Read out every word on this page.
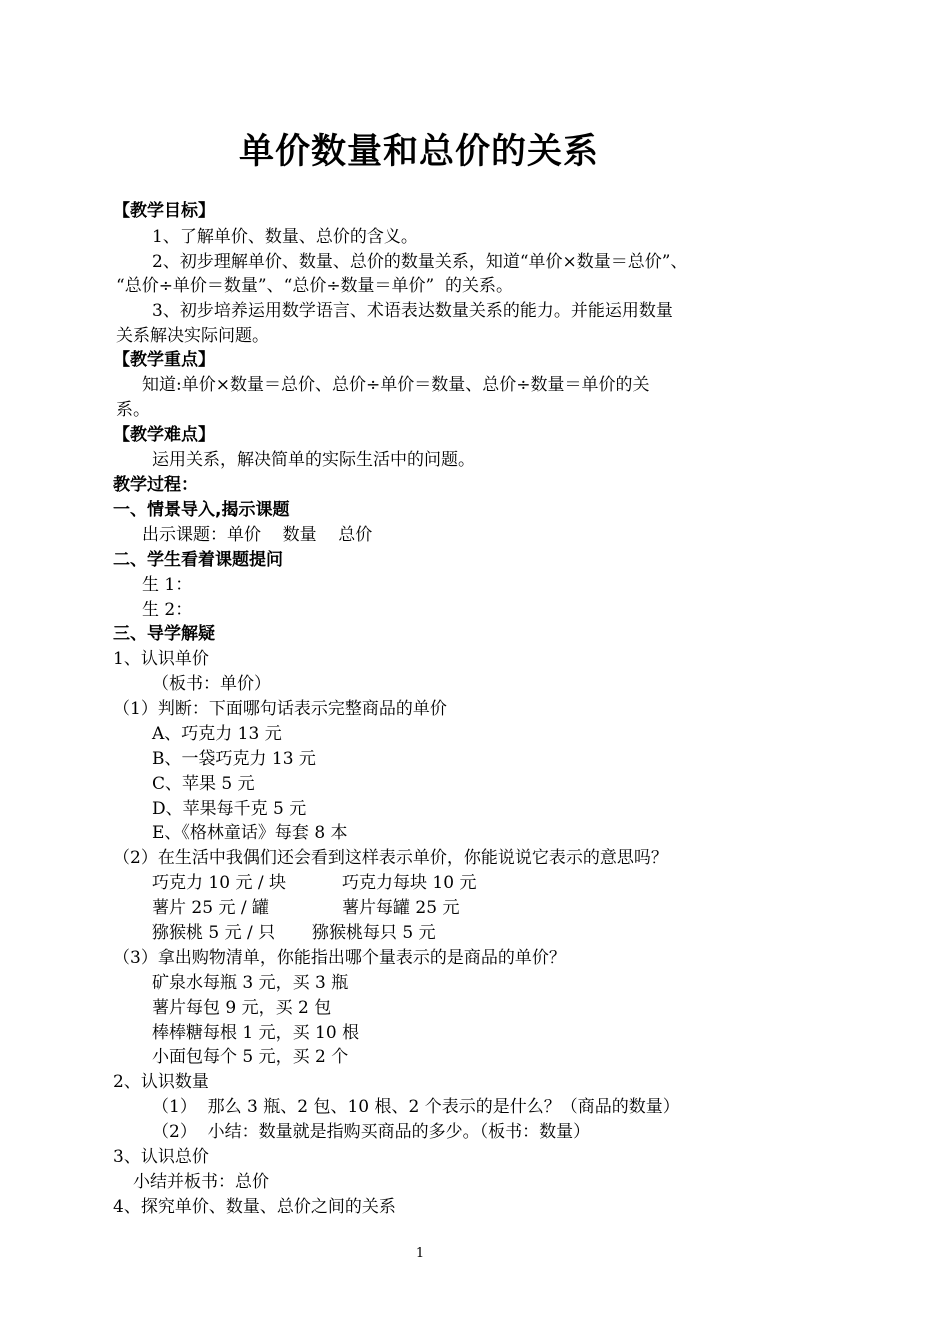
单价数量和总价的关系
【教学目标】
1、了解单价、数量、总价的含义。
2、初步理解单价、数量、总价的数量关系，知道“单价×数量＝总价”、
“总价÷单价＝数量”、“总价÷数量＝单价”  的关系。
3、初步培养运用数学语言、术语表达数量关系的能力。并能运用数量
关系解决实际问题。
【教学重点】
知道:单价×数量＝总价、总价÷单价＝数量、总价÷数量＝单价的关
系。
【教学难点】
运用关系，解决简单的实际生活中的问题。
教学过程：
一、情景导入,揭示课题
出示课题：单价    数量    总价
二、学生看着课题提问
生 1：
生 2：
三、导学解疑
1、认识单价
（板书：单价）
（1）判断：下面哪句话表示完整商品的单价
A、巧克力 13 元
B、一袋巧克力 13 元
C、苹果 5 元
D、苹果每千克 5 元
E、《格林童话》每套 8 本
（2）在生活中我偶们还会看到这样表示单价，你能说说它表示的意思吗？
巧克力 10 元 / 块	巧克力每块 10 元
薯片 25 元 / 罐	薯片每罐 25 元
猕猴桃 5 元 / 只 猕猴桃每只 5 元
（3）拿出购物清单，你能指出哪个量表示的是商品的单价？
矿泉水每瓶 3 元，买 3 瓶
薯片每包 9 元，买 2 包
棒棒糖每根 1 元，买 10 根
小面包每个 5 元，买 2 个
2、认识数量
（1）  那么 3 瓶、2 包、10 根、2 个表示的是什么？（商品的数量）
（2）  小结：数量就是指购买商品的多少。（板书：数量）
3、认识总价
小结并板书：总价
4、探究单价、数量、总价之间的关系
1
